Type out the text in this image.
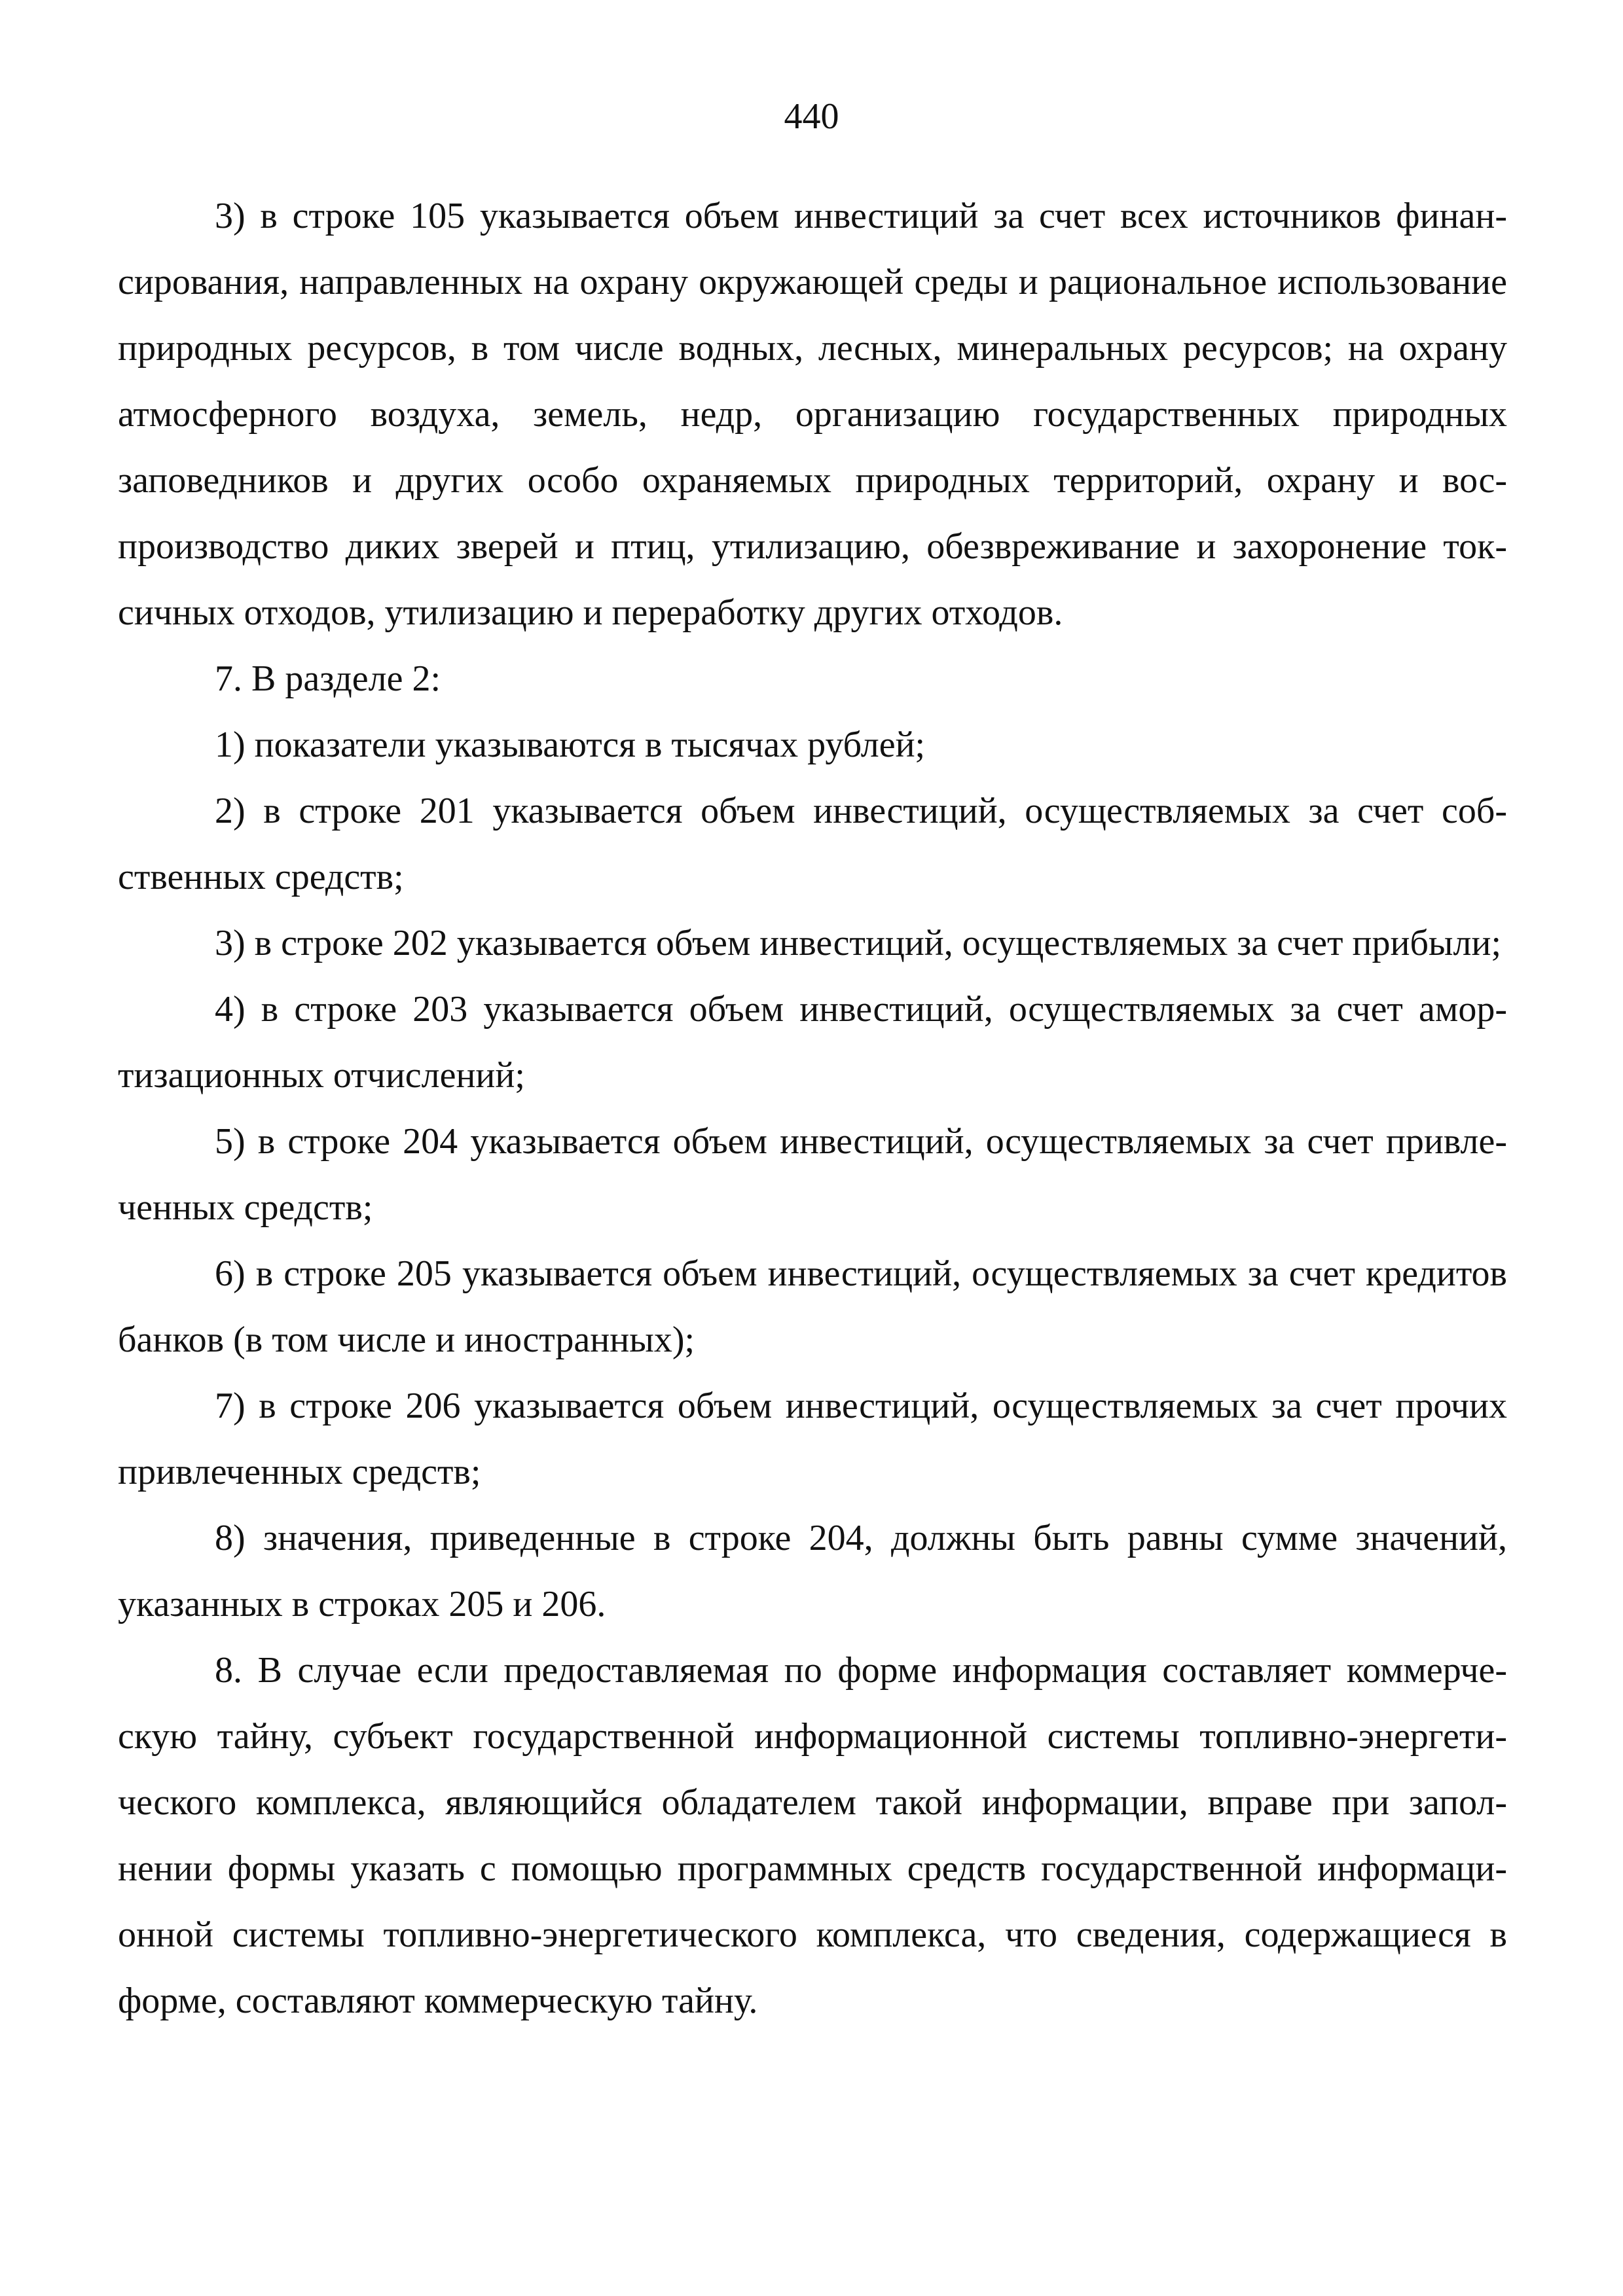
440

3) в строке 105 указывается объем инвестиций за счет всех источников финансирования, направленных на охрану окружающей среды и рациональное использование природных ресурсов, в том числе водных, лесных, минеральных ресурсов; на охрану атмосферного воздуха, земель, недр, организацию государственных природных заповедников и других особо охраняемых природных территорий, охрану и воспроизводство диких зверей и птиц, утилизацию, обезвреживание и захоронение токсичных отходов, утилизацию и переработку других отходов.

7. В разделе 2:

1) показатели указываются в тысячах рублей;

2) в строке 201 указывается объем инвестиций, осуществляемых за счет собственных средств;

3) в строке 202 указывается объем инвестиций, осуществляемых за счет прибыли;

4) в строке 203 указывается объем инвестиций, осуществляемых за счет амортизационных отчислений;

5) в строке 204 указывается объем инвестиций, осуществляемых за счет привлеченных средств;

6) в строке 205 указывается объем инвестиций, осуществляемых за счет кредитов банков (в том числе и иностранных);

7) в строке 206 указывается объем инвестиций, осуществляемых за счет прочих привлеченных средств;

8) значения, приведенные в строке 204, должны быть равны сумме значений, указанных в строках 205 и 206.

8. В случае если предоставляемая по форме информация составляет коммерческую тайну, субъект государственной информационной системы топливно-энергетического комплекса, являющийся обладателем такой информации, вправе при заполнении формы указать с помощью программных средств государственной информационной системы топливно-энергетического комплекса, что сведения, содержащиеся в форме, составляют коммерческую тайну.
